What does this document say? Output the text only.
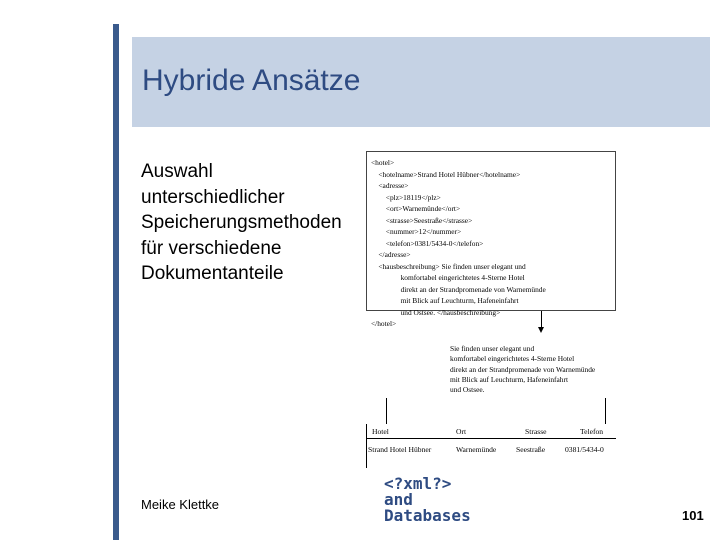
Hybride Ansätze
Auswahl
unterschiedlicher
Speicherungsmethoden
für verschiedene
Dokumentanteile
<hotel>
<hotelname>Strand Hotel Hübner</hotelname>
<adresse>
<plz>18119</plz>
<ort>Warnemünde</ort>
<strasse>Seestraße</strasse>
<nummer>12</nummer>
<telefon>0381/5434-0</telefon>
</adresse>
<hausbeschreibung> Sie finden unser elegant und
komfortabel eingerichtetes 4-Sterne Hotel
direkt an der Strandpromenade von Warnemünde
mit Blick auf Leuchturm, Hafeneinfahrt
und Ostsee. </hausbeschreibung>
</hotel>
Sie finden unser elegant und
komfortabel eingerichtetes 4-Sterne Hotel
direkt an der Strandpromenade von Warnemünde
mit Blick auf Leuchturm, Hafeneinfahrt
und Ostsee.
Hotel	Ort	Strasse	Telefon
Strand Hotel Hübner	Warnemünde	Seestraße	0381/5434-0
Meike Klettke
<?xml?>
and
Databases	101
